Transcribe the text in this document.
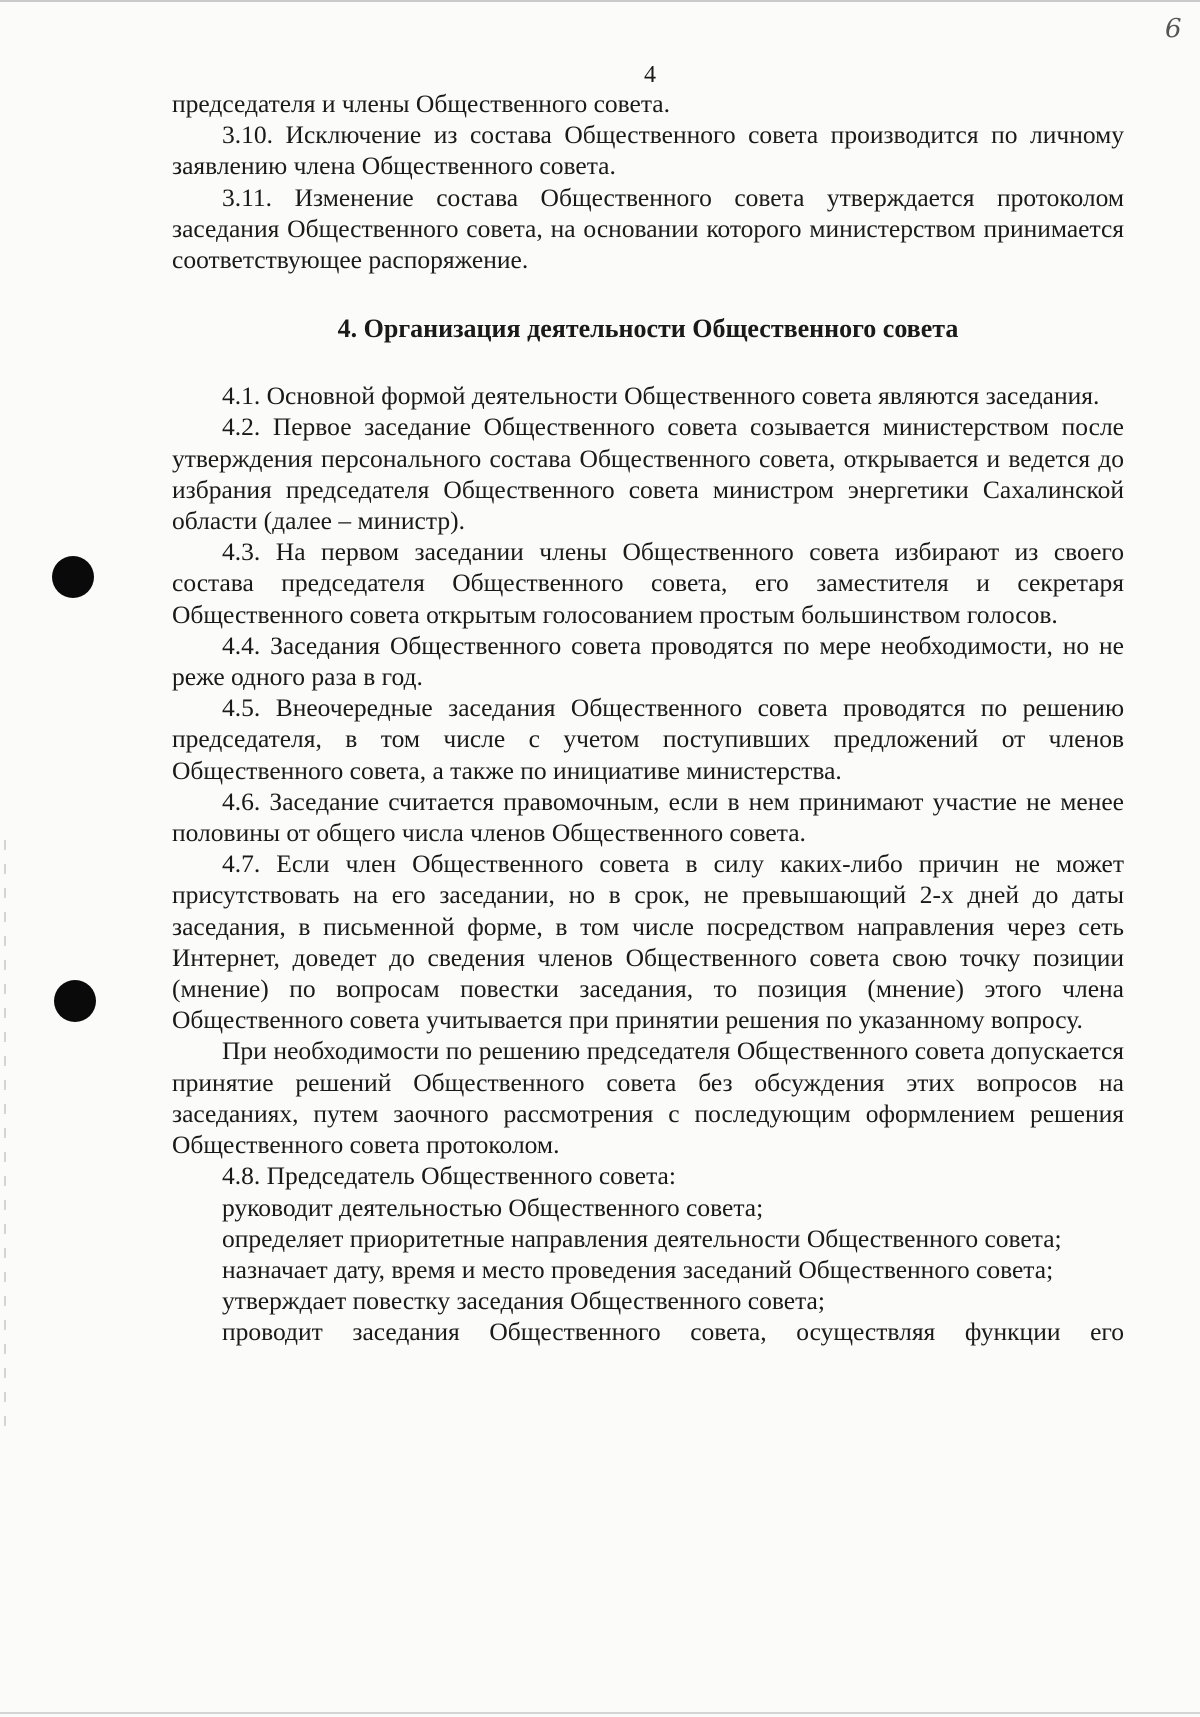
6
4

председателя и члены Общественного совета.

3.10. Исключение из состава Общественного совета производится по личному заявлению члена Общественного совета.

3.11. Изменение состава Общественного совета утверждается протоколом заседания Общественного совета, на основании которого министерством принимается соответствующее распоряжение.

4. Организация деятельности Общественного совета

4.1. Основной формой деятельности Общественного совета являются заседания.

4.2. Первое заседание Общественного совета созывается министерством после утверждения персонального состава Общественного совета, открывается и ведется до избрания председателя Общественного совета министром энергетики Сахалинской области (далее – министр).

4.3. На первом заседании члены Общественного совета избирают из своего состава председателя Общественного совета, его заместителя и секретаря Общественного совета открытым голосованием простым большинством голосов.

4.4. Заседания Общественного совета проводятся по мере необходимости, но не реже одного раза в год.

4.5. Внеочередные заседания Общественного совета проводятся по решению председателя, в том числе с учетом поступивших предложений от членов Общественного совета, а также по инициативе министерства.

4.6. Заседание считается правомочным, если в нем принимают участие не менее половины от общего числа членов Общественного совета.

4.7. Если член Общественного совета в силу каких-либо причин не может присутствовать на его заседании, но в срок, не превышающий 2-х дней до даты заседания, в письменной форме, в том числе посредством направления через сеть Интернет, доведет до сведения членов Общественного совета свою точку позиции (мнение) по вопросам повестки заседания, то позиция (мнение) этого члена Общественного совета учитывается при принятии решения по указанному вопросу.

При необходимости по решению председателя Общественного совета допускается принятие решений Общественного совета без обсуждения этих вопросов на заседаниях, путем заочного рассмотрения с последующим оформлением решения Общественного совета протоколом.

4.8. Председатель Общественного совета:

руководит деятельностью Общественного совета;

определяет приоритетные направления деятельности Общественного совета;

назначает дату, время и место проведения заседаний Общественного совета;

утверждает повестку заседания Общественного совета;

проводит заседания Общественного совета, осуществляя функции его
